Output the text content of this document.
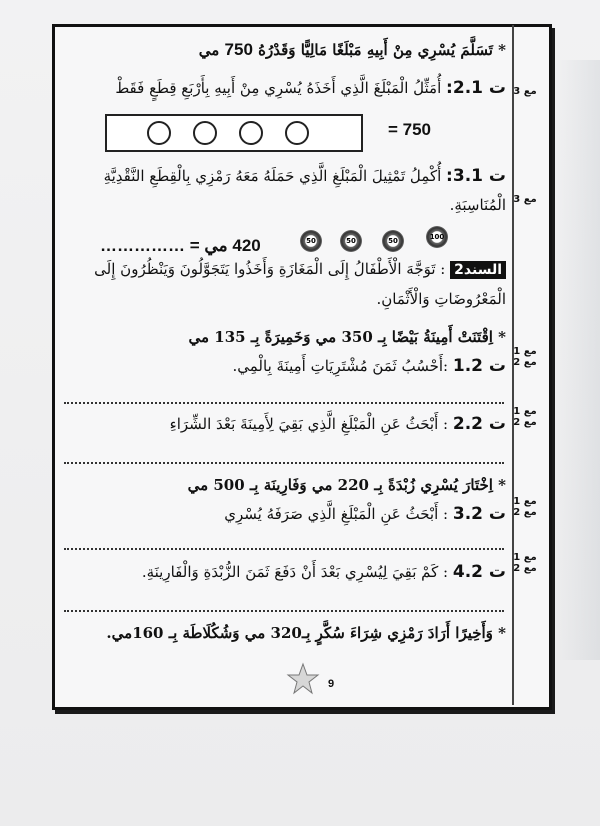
* تَسَلَّمَ يُسْرِي مِنْ أَبِيهِ مَبْلَغًا مَالِيًّا وَقَدْرُهُ 750 مي
مع 3
ت 2.1: أُمَثِّلُ الْمَبْلَغَ الَّذِي أَخَذَهُ يُسْرِي مِنْ أَبِيهِ بِأَرْبَعِ قِطَعٍ فَقَطْ
= 750
مع 3
ت 3.1: أُكْمِلُ تَمْثِيلَ الْمَبْلَغِ الَّذِي حَمَلَهُ مَعَهُ رَمْزِي بِالْقِطَعِ النَّقْدِيَّةِ
الْمُنَاسِبَةِ.
50	50	50	100
420 مي = ……………
السند2 : تَوَجَّهَ الْأَطْفَالُ إِلَى الْمَغَازَةِ وَأَخَذُوا يَتَجَوَّلُونَ وَيَنْظُرُونَ إِلَى
الْمَعْرُوضَاتِ وَالْأَثْمَانِ.
* اِقْتَنَتْ أَمِينَةُ بَيْضًا بِـ 350 مي وَخَمِيرَةً بِـ 135 مي
مع 1
مع 2
ت 1.2 :أَحْسُبُ ثَمَنَ مُشْتَرِيَاتِ أَمِينَةَ بِالْمِي.
مع 1
مع 2
ت 2.2 : أَبْحَثُ عَنِ الْمَبْلَغِ الَّذِي بَقِيَ لِأَمِينَةَ بَعْدَ الشِّرَاءِ
* اِخْتَارَ يُسْرِي زُبْدَةً بِـ 220 مي وَفَارِينَة بِـ 500 مي
مع 1
مع 2
ت 3.2 : أَبْحَثُ عَنِ الْمَبْلَغِ الَّذِي صَرَفَهُ يُسْرِي
مع 1
مع 2
ت 4.2 : كَمْ بَقِيَ لِيُسْرِي بَعْدَ أَنْ دَفَعَ ثَمَنَ الزُّبْدَةِ وَالْفَارِينَةِ.
* وَأَخِيرًا أَرَادَ رَمْزِي شِرَاءَ سُكَّرٍ بِـ320 مي وَشُكُلَاطَة بِـ 160مي.
9
